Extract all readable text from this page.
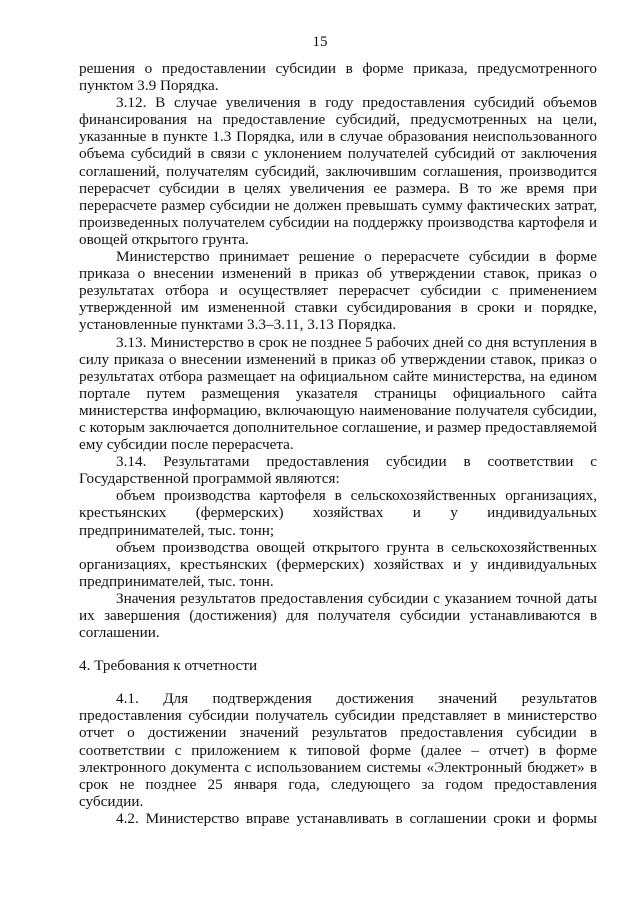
15
решения о предоставлении субсидии в форме приказа, предусмотренного пунктом 3.9 Порядка.
3.12. В случае увеличения в году предоставления субсидий объемов финансирования на предоставление субсидий, предусмотренных на цели, указанные в пункте 1.3 Порядка, или в случае образования неиспользованного объема субсидий в связи с уклонением получателей субсидий от заключения соглашений, получателям субсидий, заключившим соглашения, производится перерасчет субсидии в целях увеличения ее размера. В то же время при перерасчете размер субсидии не должен превышать сумму фактических затрат, произведенных получателем субсидии на поддержку производства картофеля и овощей открытого грунта.
Министерство принимает решение о перерасчете субсидии в форме приказа о внесении изменений в приказ об утверждении ставок, приказ о результатах отбора и осуществляет перерасчет субсидии с применением утвержденной им измененной ставки субсидирования в сроки и порядке, установленные пунктами 3.3–3.11, 3.13 Порядка.
3.13. Министерство в срок не позднее 5 рабочих дней со дня вступления в силу приказа о внесении изменений в приказ об утверждении ставок, приказ о результатах отбора размещает на официальном сайте министерства, на едином портале путем размещения указателя страницы официального сайта министерства информацию, включающую наименование получателя субсидии, с которым заключается дополнительное соглашение, и размер предоставляемой ему субсидии после перерасчета.
3.14. Результатами предоставления субсидии в соответствии с Государственной программой являются:
объем производства картофеля в сельскохозяйственных организациях, крестьянских (фермерских) хозяйствах и у индивидуальных предпринимателей, тыс. тонн;
объем производства овощей открытого грунта в сельскохозяйственных организациях, крестьянских (фермерских) хозяйствах и у индивидуальных предпринимателей, тыс. тонн.
Значения результатов предоставления субсидии с указанием точной даты их завершения (достижения) для получателя субсидии устанавливаются в соглашении.
4. Требования к отчетности
4.1. Для подтверждения достижения значений результатов предоставления субсидии получатель субсидии представляет в министерство отчет о достижении значений результатов предоставления субсидии в соответствии с приложением к типовой форме (далее – отчет) в форме электронного документа с использованием системы «Электронный бюджет» в срок не позднее 25 января года, следующего за годом предоставления субсидии.
4.2. Министерство вправе устанавливать в соглашении сроки и формы
